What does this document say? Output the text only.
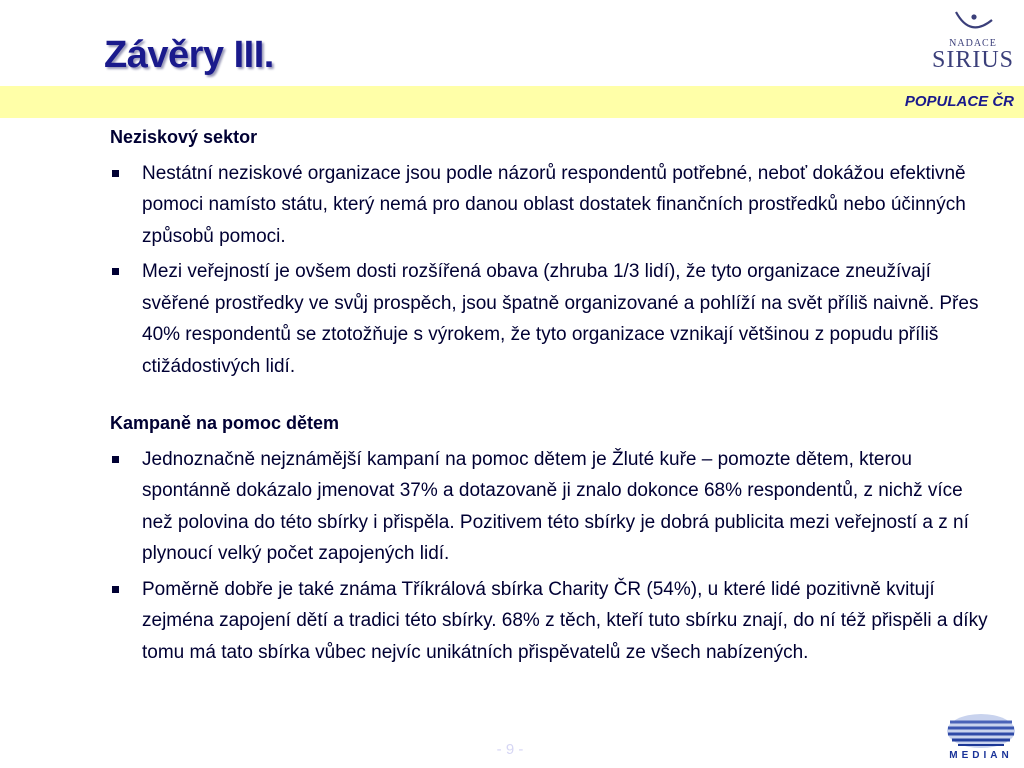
Závěry III.	NADACE
SIRIUS
POPULACE ČR
Neziskový sektor
Nestátní neziskové organizace jsou podle názorů respondentů potřebné, neboť dokážou efektivně pomoci namísto státu, který nemá pro danou oblast dostatek finančních prostředků nebo účinných způsobů pomoci.
Mezi veřejností je ovšem dosti rozšířená obava (zhruba 1/3 lidí), že tyto organizace zneužívají svěřené prostředky ve svůj prospěch, jsou špatně organizované a pohlíží na svět příliš naivně. Přes 40% respondentů se ztotožňuje s výrokem, že tyto organizace vznikají většinou z popudu příliš ctižádostivých lidí.
Kampaně na pomoc dětem
Jednoznačně nejznámější kampaní na pomoc dětem je Žluté kuře – pomozte dětem, kterou spontánně dokázalo jmenovat 37% a dotazovaně ji znalo dokonce 68% respondentů, z nichž více než polovina do této sbírky i přispěla. Pozitivem této sbírky je dobrá publicita mezi veřejností a z ní plynoucí velký počet zapojených lidí.
Poměrně dobře je také známa Tříkrálová sbírka Charity ČR (54%), u které lidé pozitivně kvitují zejména zapojení dětí a tradici této sbírky. 68% z těch, kteří tuto sbírku znají, do ní též přispěli a díky tomu má tato sbírka vůbec nejvíc unikátních přispěvatelů ze všech nabízených.
- 9 -	MEDIAN
